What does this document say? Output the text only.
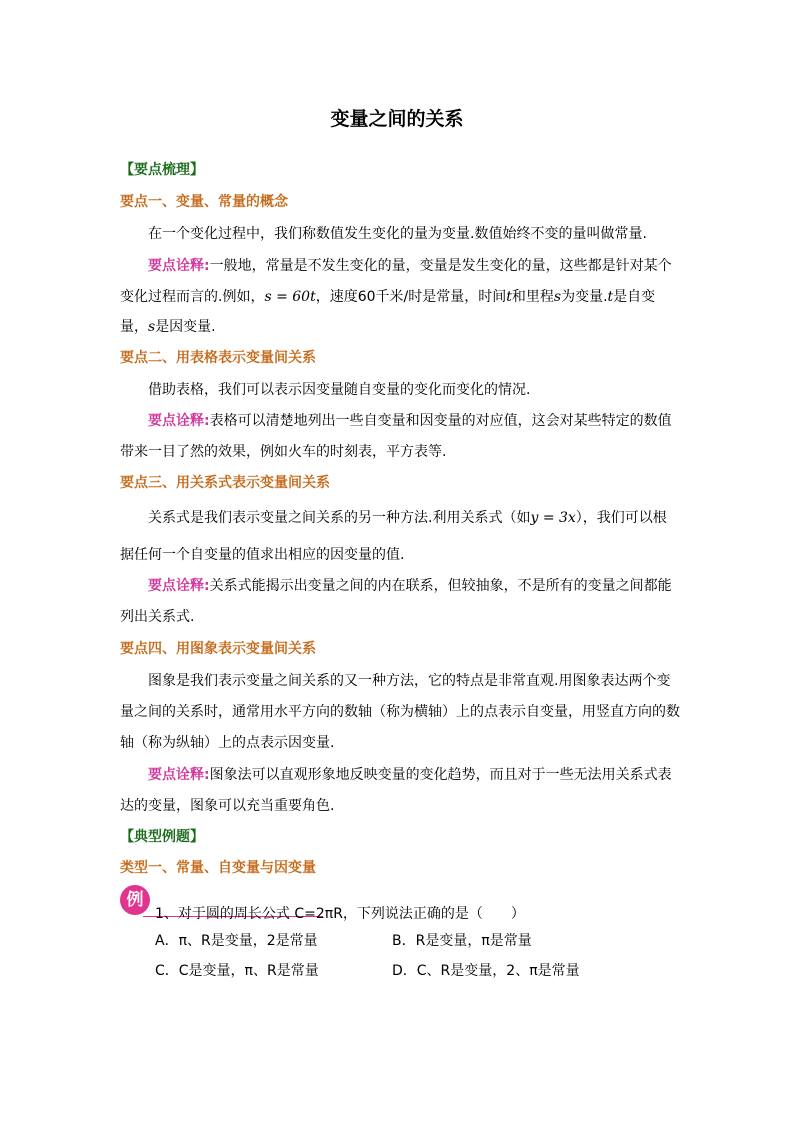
变量之间的关系
【要点梳理】
要点一、变量、常量的概念
在一个变化过程中，我们称数值发生变化的量为变量.数值始终不变的量叫做常量.
要点诠释:一般地，常量是不发生变化的量，变量是发生变化的量，这些都是针对某个
变化过程而言的.例如，s = 60t，速度60千米/时是常量，时间t和里程s为变量.t是自变
量，s是因变量.
要点二、用表格表示变量间关系
借助表格，我们可以表示因变量随自变量的变化而变化的情况.
要点诠释:表格可以清楚地列出一些自变量和因变量的对应值，这会对某些特定的数值
带来一目了然的效果，例如火车的时刻表，平方表等.
要点三、用关系式表示变量间关系
关系式是我们表示变量之间关系的另一种方法.利用关系式（如y = 3x），我们可以根
据任何一个自变量的值求出相应的因变量的值.
要点诠释:关系式能揭示出变量之间的内在联系，但较抽象，不是所有的变量之间都能
列出关系式.
要点四、用图象表示变量间关系
图象是我们表示变量之间关系的又一种方法，它的特点是非常直观.用图象表达两个变
量之间的关系时，通常用水平方向的数轴（称为横轴）上的点表示自变量，用竖直方向的数
轴（称为纵轴）上的点表示因变量.
要点诠释:图象法可以直观形象地反映变量的变化趋势，而且对于一些无法用关系式表
达的变量，图象可以充当重要角色.
【典型例题】
类型一、常量、自变量与因变量
例
1、对于圆的周长公式 C=2πR，下列说法正确的是（　　）
A．π、R是变量，2是常量	B．R是变量，π是常量
C．C是变量，π、R是常量	D．C、R是变量，2、π是常量
